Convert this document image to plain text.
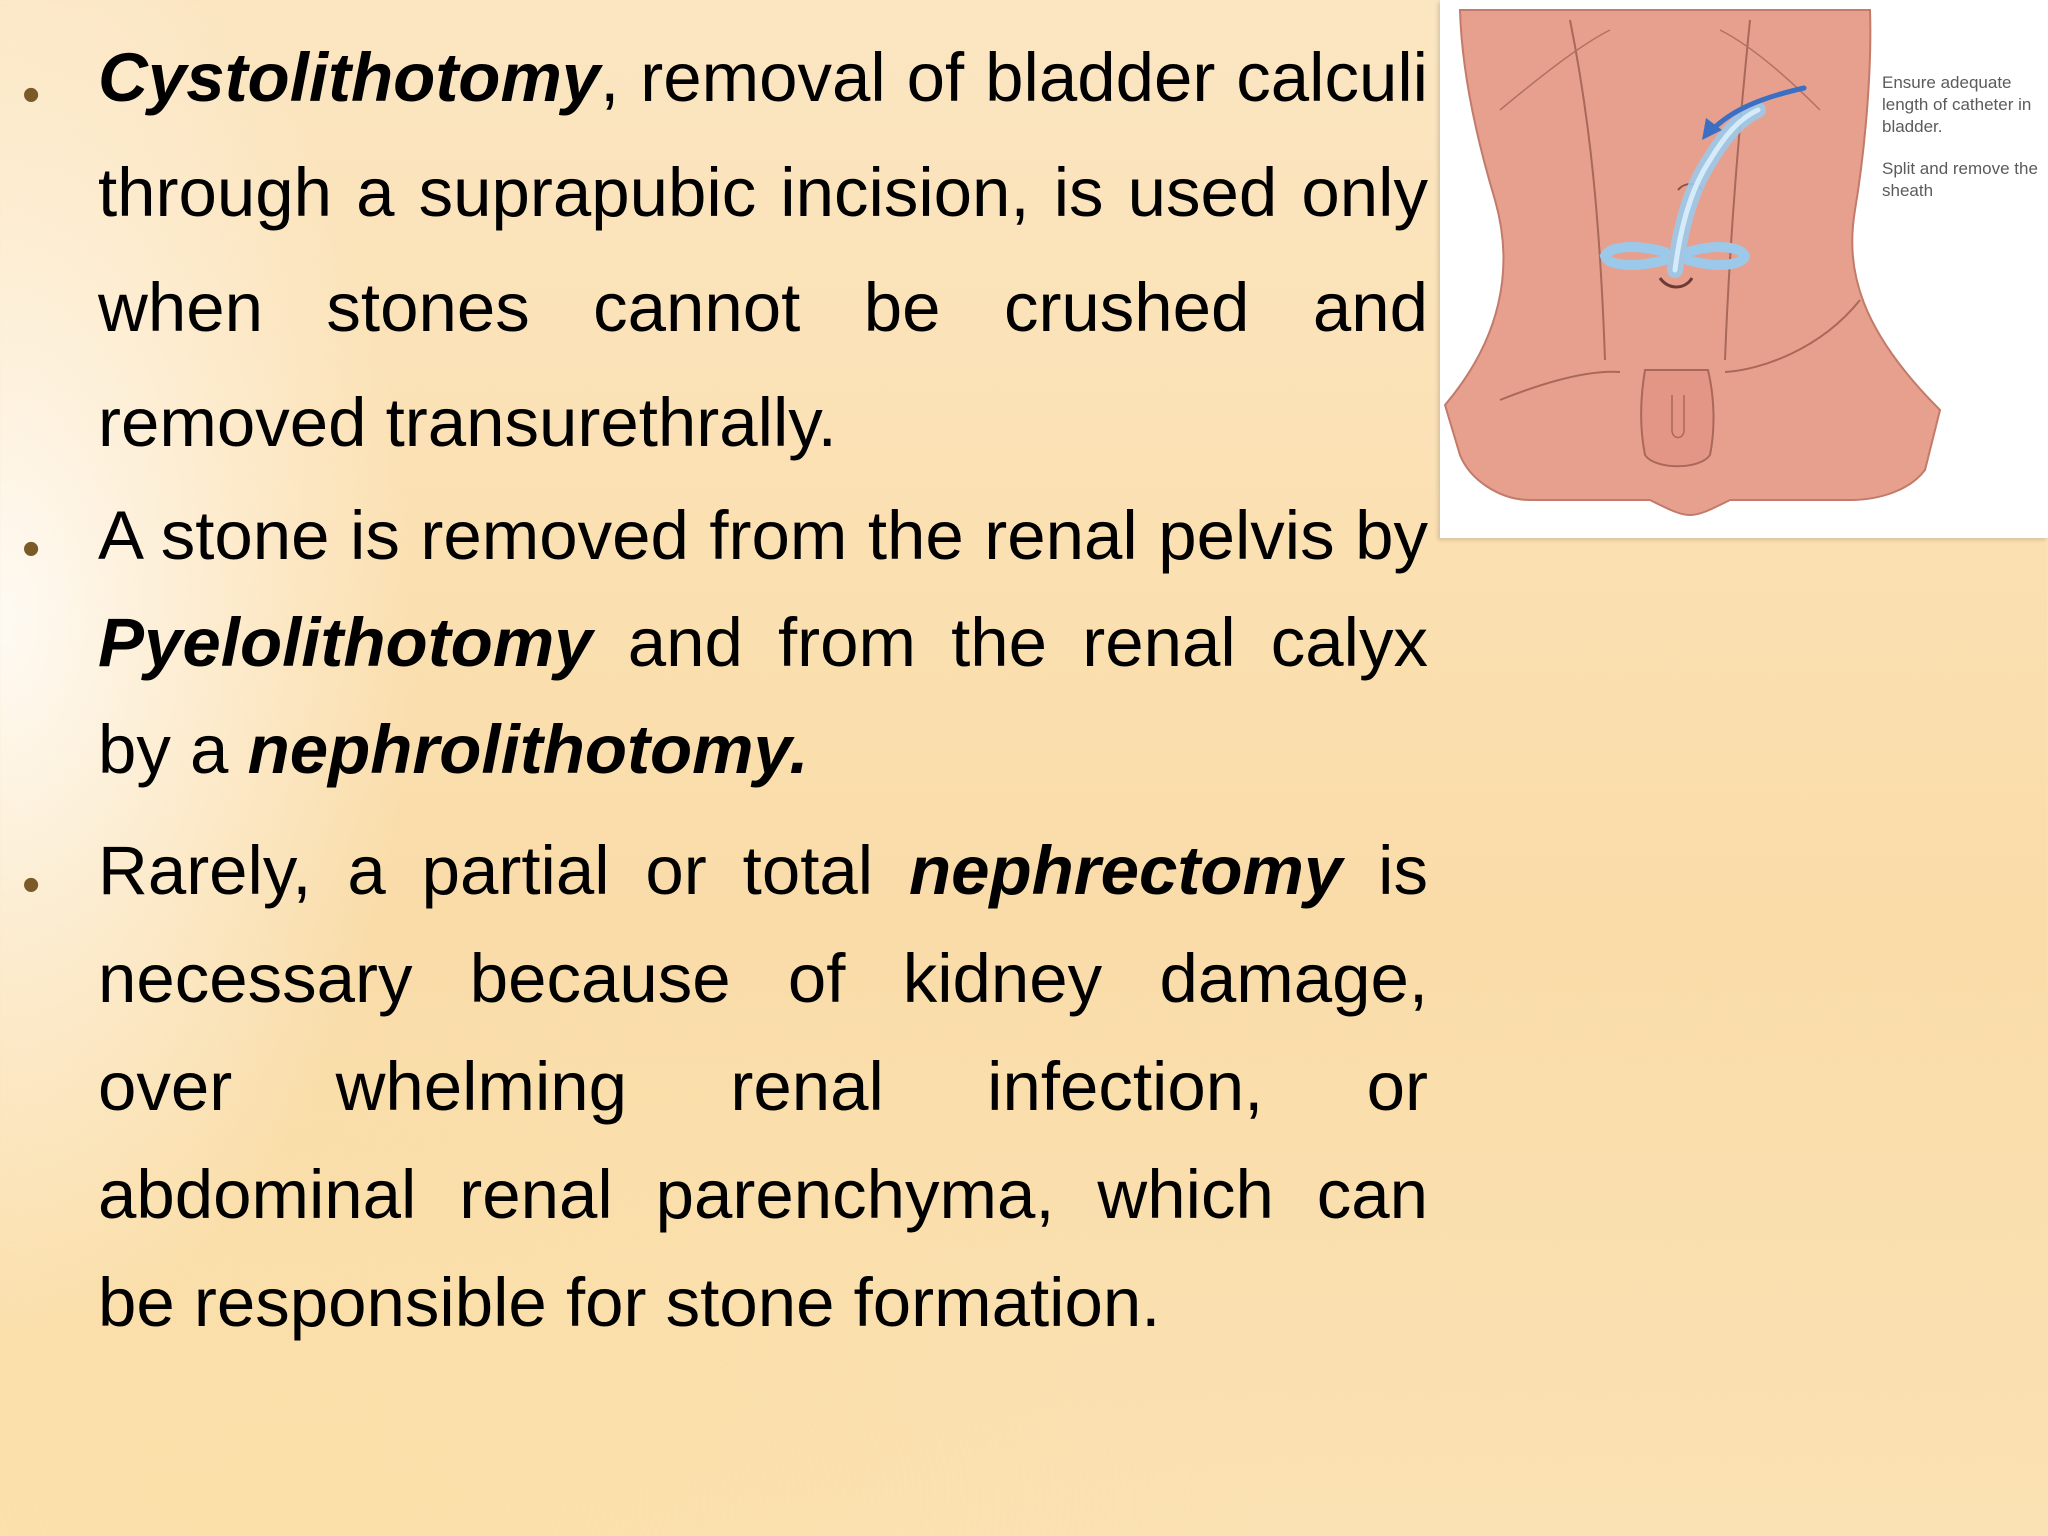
• Cystolithotomy, removal of bladder calculi through a suprapubic incision, is used only when stones cannot be crushed and removed transurethrally.

• A stone is removed from the renal pelvis by Pyelolithotomy and from the renal calyx by a nephrolithotomy.

• Rarely, a partial or total nephrectomy is necessary because of kidney damage, over whelming renal infection, or abdominal renal parenchyma, which can be responsible for stone formation.

Ensure adequate length of catheter in bladder.
Split and remove the sheath
